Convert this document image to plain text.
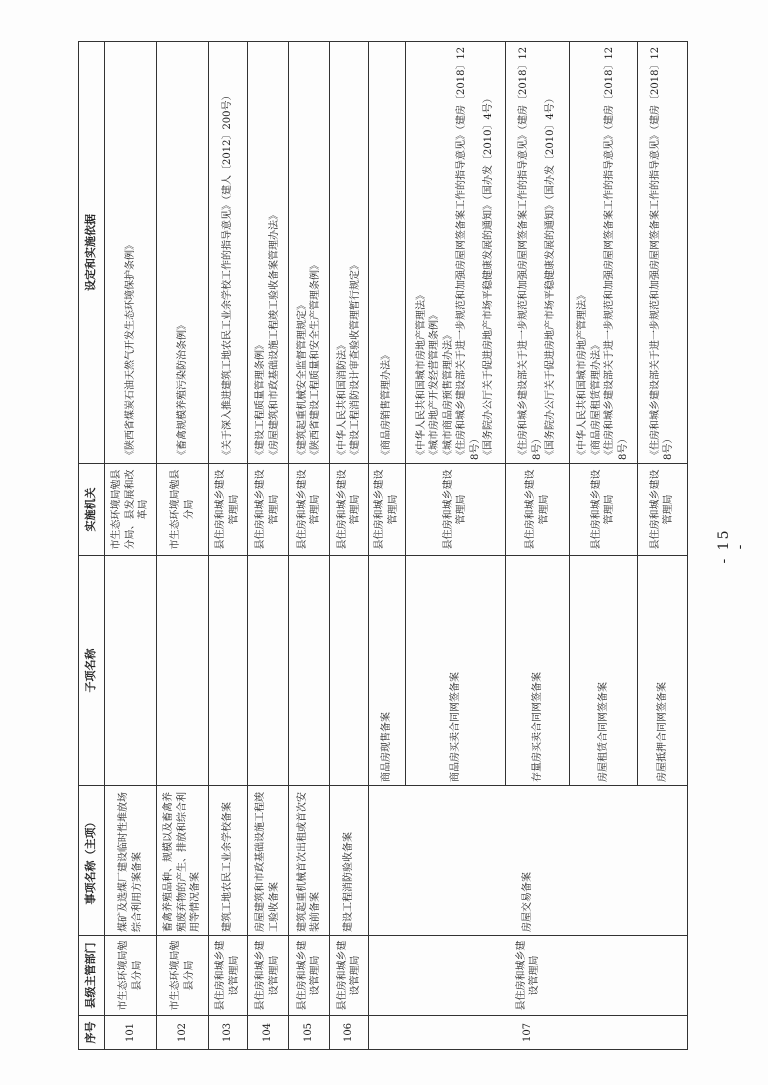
序号	县级主管部门	事项名称（主项）	子项名称	实施机关	设定和实施依据
101	市生态环境局勉县分局	煤矿及选煤厂建设临时性堆放场综合利用方案备案		市生态环境局勉县分局、县发展和改革局	《陕西省煤炭石油天然气开发生态环境保护条例》

102	市生态环境局勉县分局	畜禽养殖品种、规模以及畜禽养殖废弃物的产生、排放和综合利用等情况备案		市生态环境局勉县分局	《畜禽规模养殖污染防治条例》

103	县住房和城乡建设管理局	建筑工地农民工业余学校备案		县住房和城乡建设管理局	《关于深入推进建筑工地农民工业余学校工作的指导意见》（建人〔2012〕200号）

104	县住房和城乡建设管理局	房屋建筑和市政基础设施工程竣工验收备案		县住房和城乡建设管理局	《建设工程质量管理条例》 《房屋建筑和市政基础设施工程竣工验收备案管理办法》

105	县住房和城乡建设管理局	建筑起重机械首次出租或首次安装前备案		县住房和城乡建设管理局	《建筑起重机械安全监督管理规定》 《陕西省建设工程质量和安全生产管理条例》

106	县住房和城乡建设管理局	建设工程消防验收备案		县住房和城乡建设管理局	《中华人民共和国消防法》 《建设工程消防设计审查验收管理暂行规定》

107	县住房和城乡建设管理局	房屋交易备案	商品房现售备案	县住房和城乡建设管理局	《商品房销售管理办法》

			商品房买卖合同网签备案	县住房和城乡建设管理局	《中华人民共和国城市房地产管理法》 《城市房地产开发经营管理条例》 《城市商品房预售管理办法》 《住房和城乡建设部关于进一步规范和加强房屋网签备案工作的指导意见》（建房〔2018〕128号） 《国务院办公厅关于促进房地产市场平稳健康发展的通知》（国办发〔2010〕4号）

			存量房买卖合同网签备案	县住房和城乡建设管理局	《住房和城乡建设部关于进一步规范和加强房屋网签备案工作的指导意见》（建房〔2018〕128号） 《国务院办公厅关于促进房地产市场平稳健康发展的通知》（国办发〔2010〕4号）

			房屋租赁合同网签备案	县住房和城乡建设管理局	《中华人民共和国城市房地产管理法》 《商品房屋租赁管理办法》 《住房和城乡建设部关于进一步规范和加强房屋网签备案工作的指导意见》（建房〔2018〕128号）

			房屋抵押合同网签备案	县住房和城乡建设管理局	《住房和城乡建设部关于进一步规范和加强房屋网签备案工作的指导意见》（建房〔2018〕128号）
- 15 -
